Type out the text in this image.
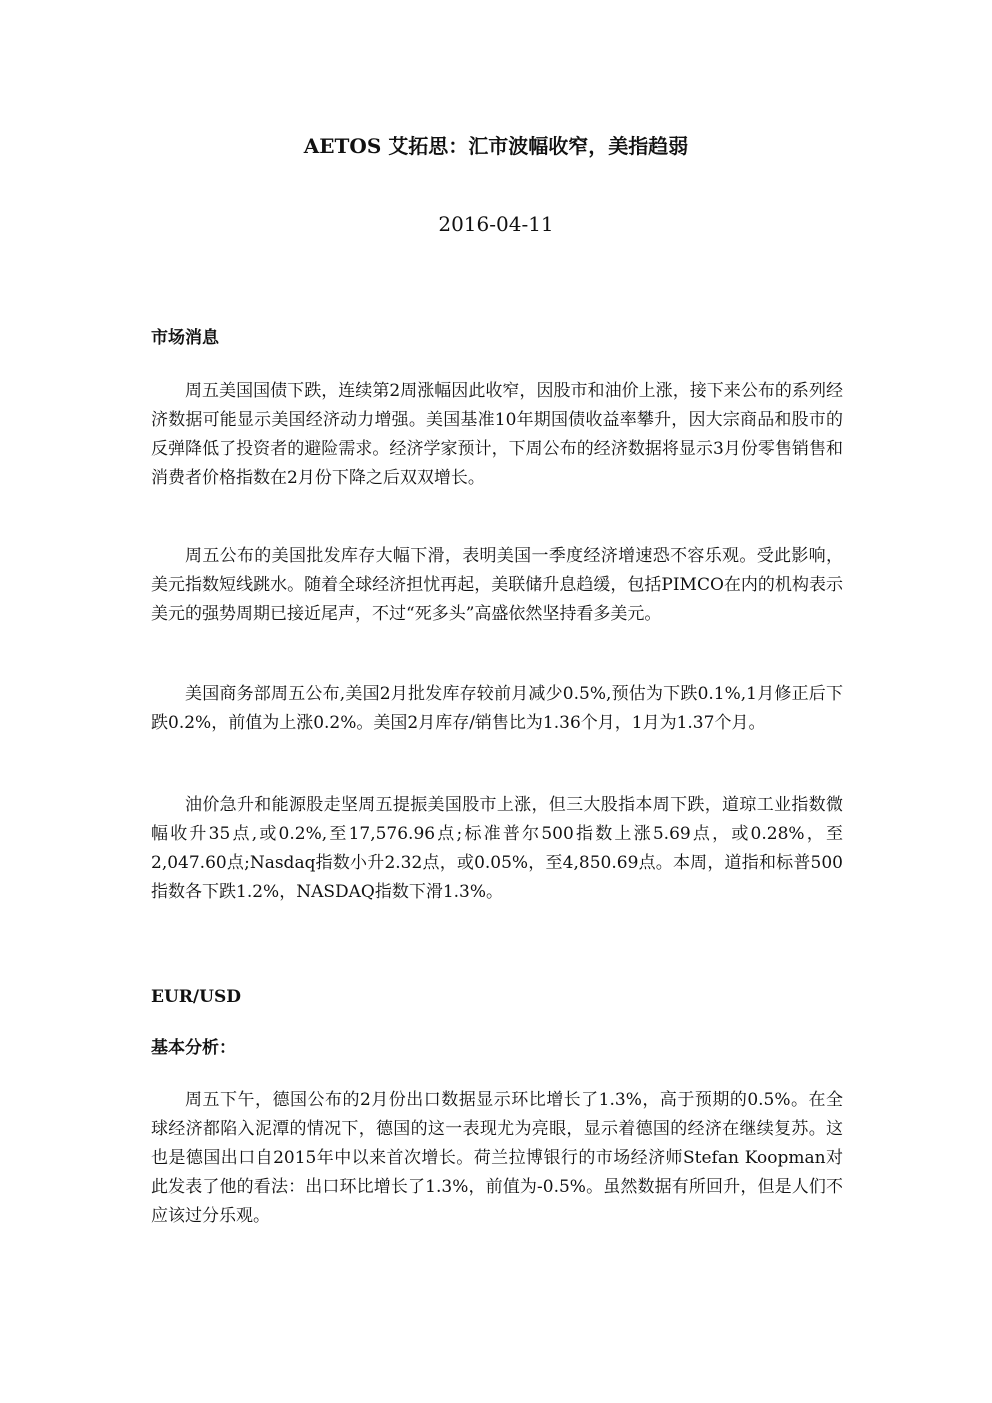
AETOS 艾拓思：汇市波幅收窄，美指趋弱
2016-04-11
市场消息

周五美国国债下跌，连续第2周涨幅因此收窄，因股市和油价上涨，接下来公布的系列经济数据可能显示美国经济动力增强。美国基准10年期国债收益率攀升，因大宗商品和股市的反弹降低了投资者的避险需求。经济学家预计，下周公布的经济数据将显示3月份零售销售和消费者价格指数在2月份下降之后双双增长。

周五公布的美国批发库存大幅下滑，表明美国一季度经济增速恐不容乐观。受此影响，美元指数短线跳水。随着全球经济担忧再起，美联储升息趋缓，包括PIMCO在内的机构表示美元的强势周期已接近尾声，不过“死多头”高盛依然坚持看多美元。

美国商务部周五公布,美国2月批发库存较前月减少0.5%,预估为下跌0.1%,1月修正后下跌0.2%，前值为上涨0.2%。美国2月库存/销售比为1.36个月，1月为1.37个月。

油价急升和能源股走坚周五提振美国股市上涨，但三大股指本周下跌，道琼工业指数微幅收升35点,或0.2%,至17,576.96点;标准普尔500指数上涨5.69点，或0.28%，至2,047.60点;Nasdaq指数小升2.32点，或0.05%，至4,850.69点。本周，道指和标普500指数各下跌1.2%，NASDAQ指数下滑1.3%。

EUR/USD
基本分析：

周五下午，德国公布的2月份出口数据显示环比增长了1.3%，高于预期的0.5%。在全球经济都陷入泥潭的情况下，德国的这一表现尤为亮眼，显示着德国的经济在继续复苏。这也是德国出口自2015年中以来首次增长。荷兰拉博银行的市场经济师Stefan Koopman对此发表了他的看法：出口环比增长了1.3%，前值为-0.5%。虽然数据有所回升，但是人们不应该过分乐观。
